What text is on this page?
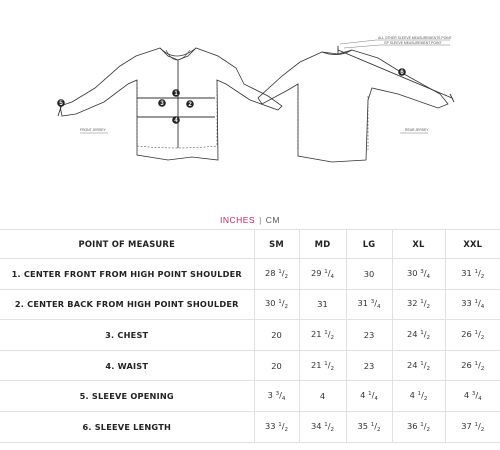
1
2
3
4
5
FRONT JERSEY
6
ALL OTHER SLEEVE MEASUREMENTS POINT
GP SLEEVE MEASUREMENT POINT
REAR JERSEY
INCHES | CM
POINT OF MEASURE	SM	MD	LG	XL	XXL
1. CENTER FRONT FROM HIGH POINT SHOULDER	28 $^1/_2$	29 $^1/_4$	30	30 $^3/_4$	31 $^1/_2$
2. CENTER BACK FROM HIGH POINT SHOULDER	30 $^1/_2$	31	31 $^3/_4$	32 $^1/_2$	33 $^1/_4$
3. CHEST	20	21 $^1/_2$	23	24 $^1/_2$	26 $^1/_2$
4. WAIST	20	21 $^1/_2$	23	24 $^1/_2$	26 $^1/_2$
5. SLEEVE OPENING	3 $^3/_4$	4	4 $^1/_4$	4 $^1/_2$	4 $^3/_4$
6. SLEEVE LENGTH	33 $^1/_2$	34 $^1/_2$	35 $^1/_2$	36 $^1/_2$	37 $^1/_2$
